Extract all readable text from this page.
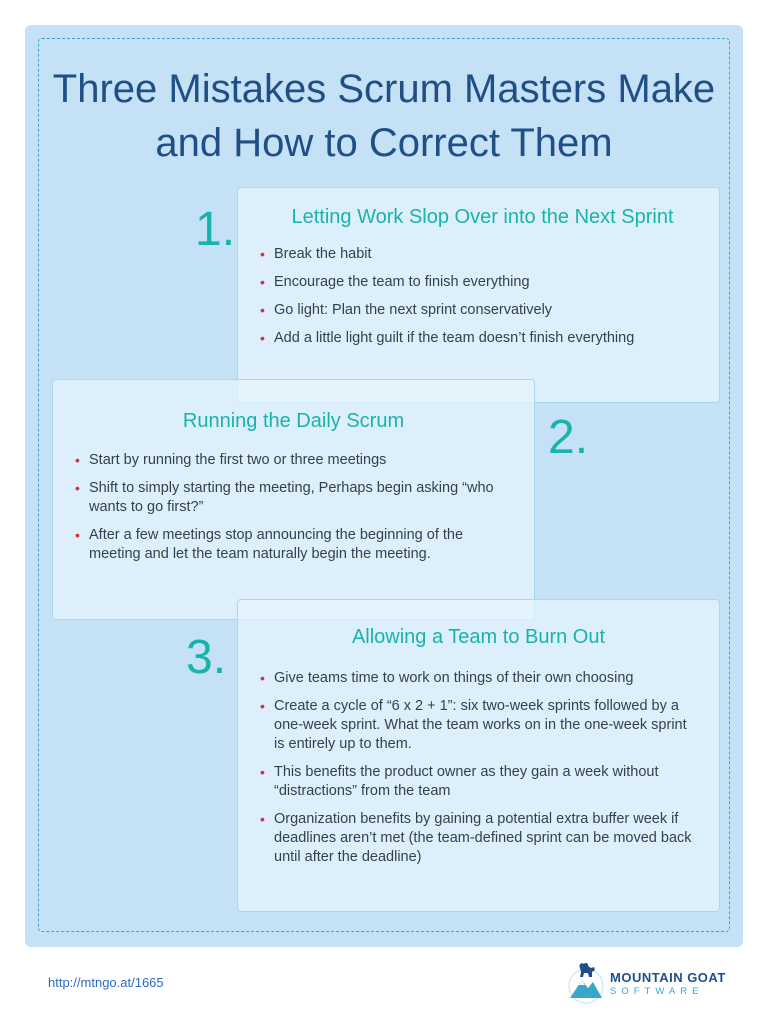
Three Mistakes Scrum Masters Make
and How to Correct Them
1.	Letting Work Slop Over into the Next Sprint
• Break the habit
• Encourage the team to finish everything
• Go light: Plan the next sprint conservatively
• Add a little light guilt if the team doesn’t finish everything
Running the Daily Scrum
• Start by running the first two or three meetings
• Shift to simply starting the meeting, Perhaps begin asking “who wants to go first?”
• After a few meetings stop announcing the beginning of the meeting and let the team naturally begin the meeting.
2.
3.	Allowing a Team to Burn Out
• Give teams time to work on things of their own choosing
• Create a cycle of “6 x 2 + 1”: six two-week sprints followed by a one-week sprint. What the team works on in the one-week sprint is entirely up to them.
• This benefits the product owner as they gain a week without “distractions” from the team
• Organization benefits by gaining a potential extra buffer week if deadlines aren’t met (the team-defined sprint can be moved back until after the deadline)
http://mtngo.at/1665	MOUNTAIN GOAT
SOFTWARE
